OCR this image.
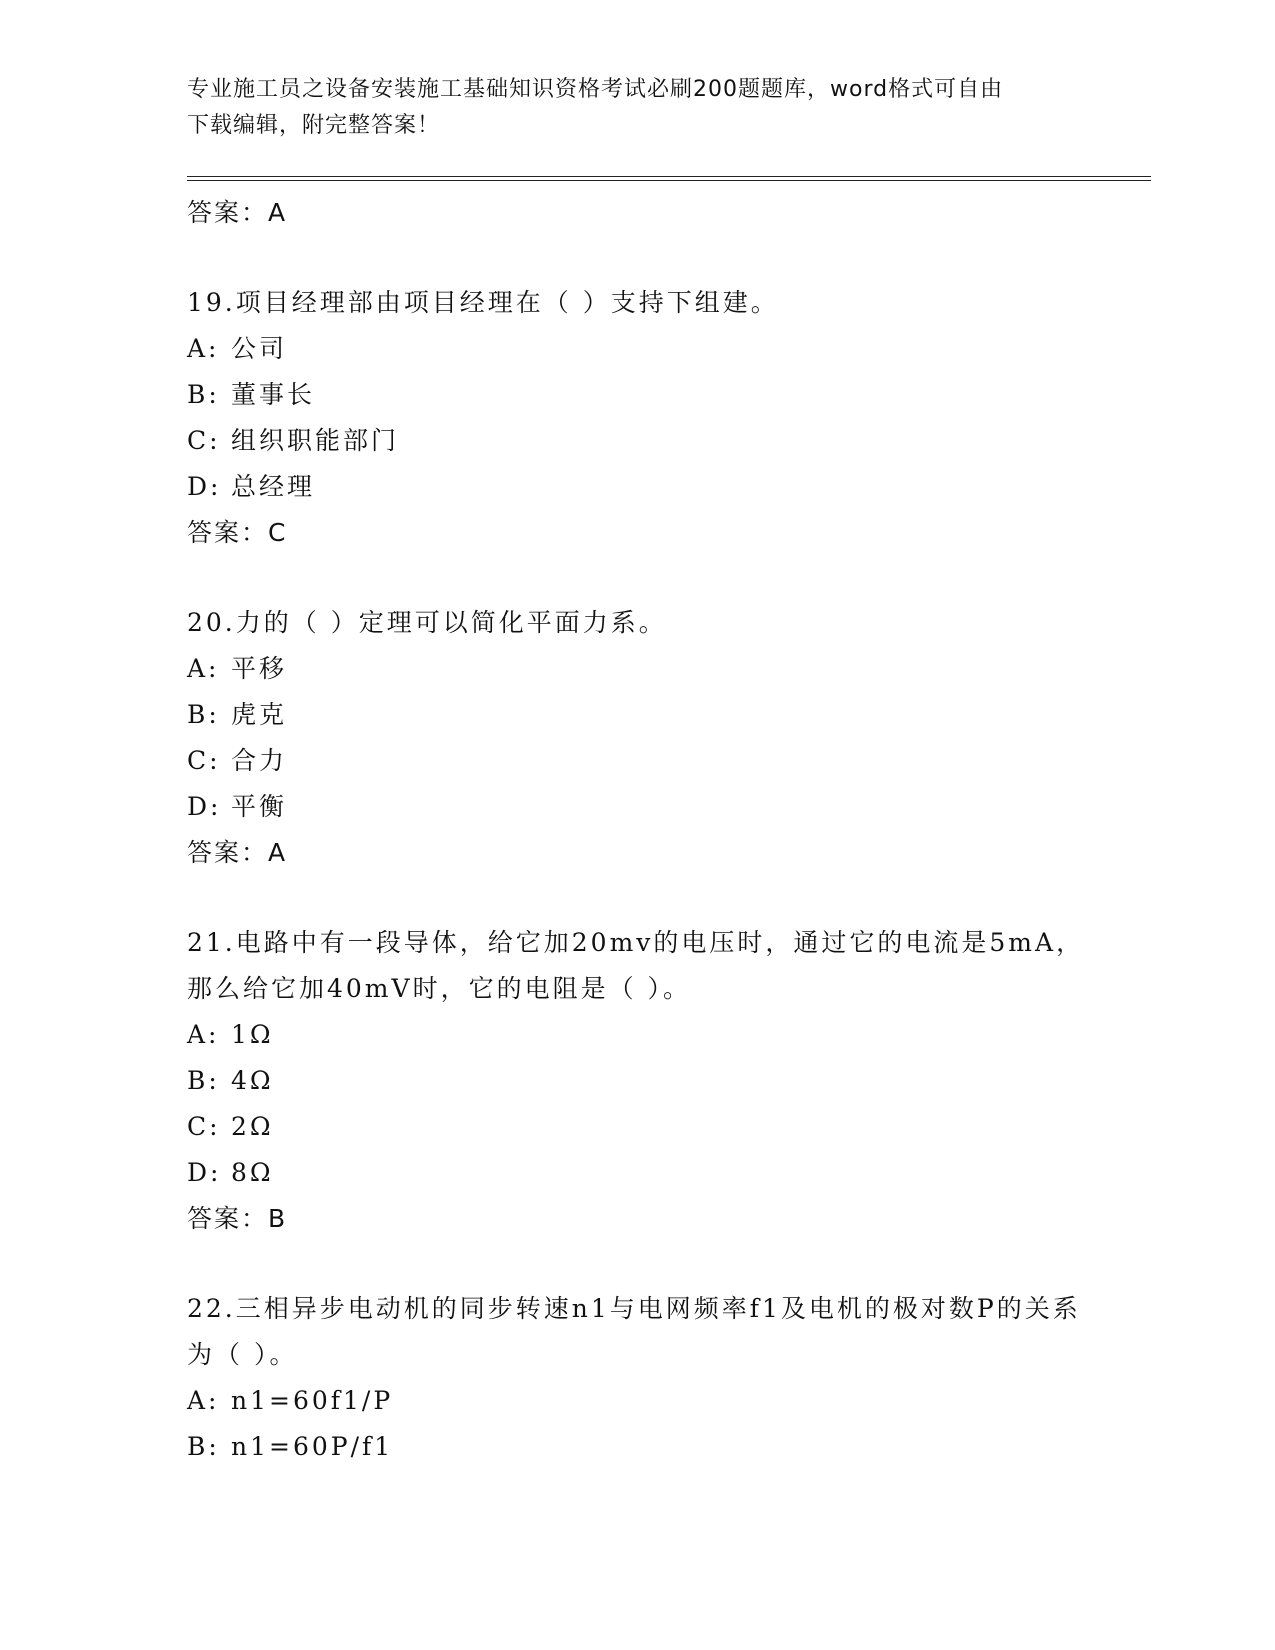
专业施工员之设备安装施工基础知识资格考试必刷200题题库，word格式可自由
下载编辑，附完整答案！
答案：A
19.项目经理部由项目经理在（ ）支持下组建。
A: 公司
B: 董事长
C: 组织职能部门
D: 总经理
答案：C
20.力的（ ）定理可以简化平面力系。
A: 平移
B: 虎克
C: 合力
D: 平衡
答案：A
21.电路中有一段导体，给它加20mv的电压时，通过它的电流是5mA，那么给它加40mV时，它的电阻是（ ）。
A: 1Ω
B: 4Ω
C: 2Ω
D: 8Ω
答案：B
22.三相异步电动机的同步转速n1与电网频率f1及电机的极对数P的关系为（ ）。
A: n1=60f1/P
B: n1=60P/f1
